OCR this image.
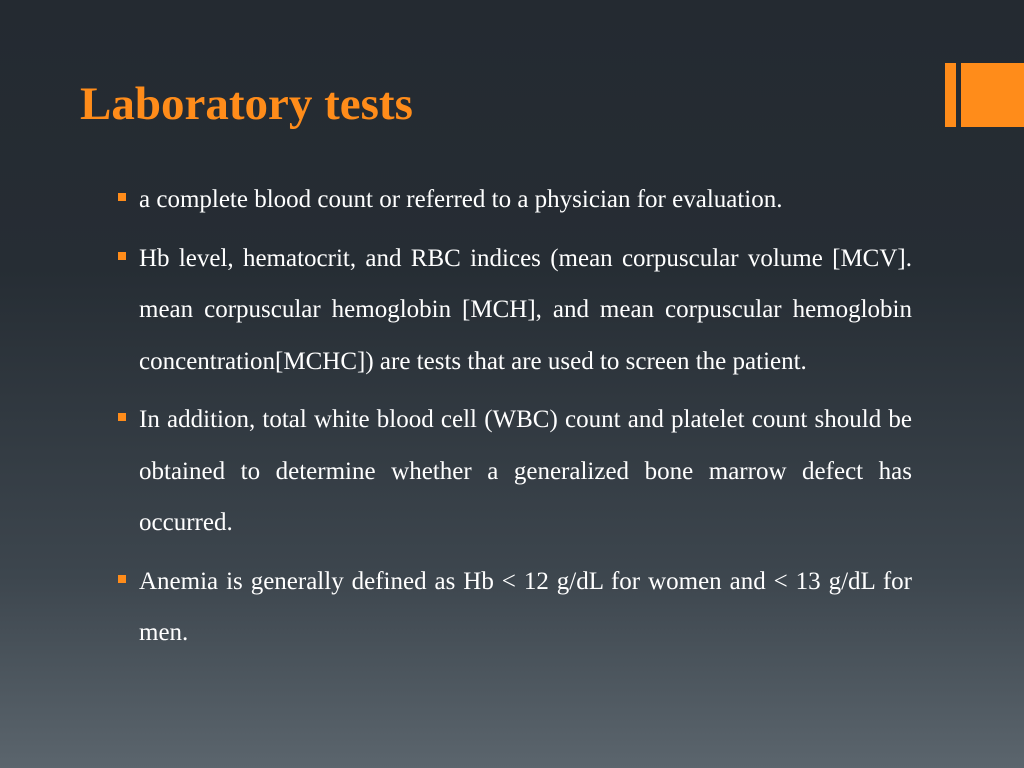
Laboratory tests
a complete blood count or referred to a physician for evaluation.
Hb level, hematocrit, and RBC indices (mean corpuscular volume [MCV]. mean corpuscular hemoglobin [MCH], and mean corpuscular hemoglobin concentration[MCHC]) are tests that are used to screen the patient.
In addition, total white blood cell (WBC) count and platelet count should be obtained to determine whether a generalized bone marrow defect has occurred.
Anemia is generally defined as Hb < 12 g/dL for women and < 13 g/dL for men.
